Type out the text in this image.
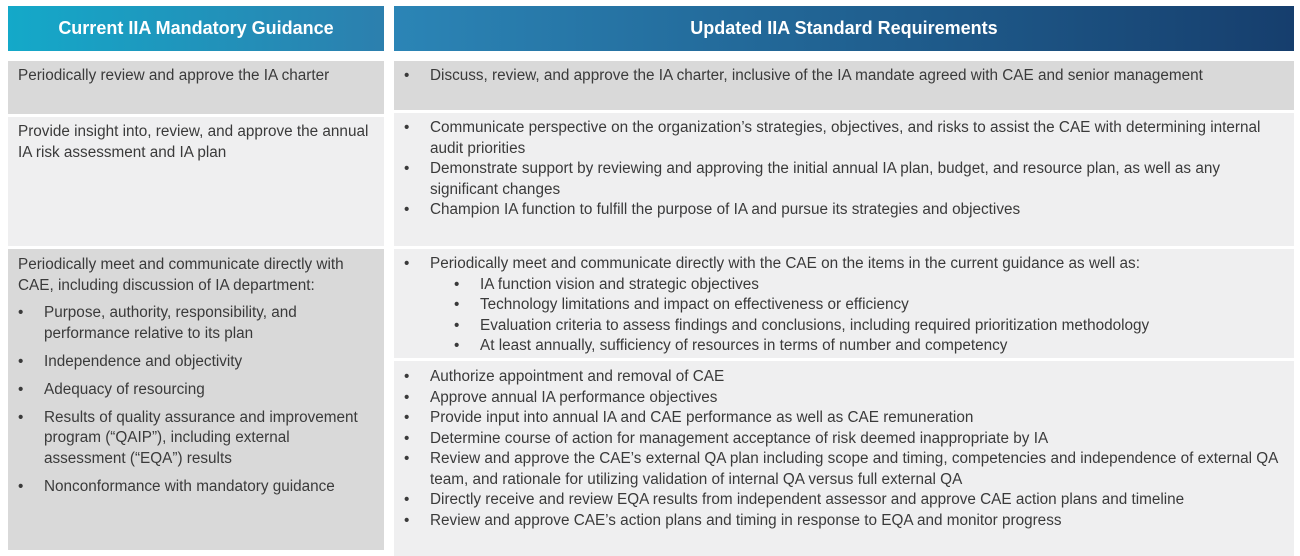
Current IIA Mandatory Guidance	Updated IIA Standard Requirements
Periodically review and approve the IA charter
•	Discuss, review, and approve the IA charter, inclusive of the IA mandate agreed with CAE and senior management
Provide insight into, review, and approve the annual IA risk assessment and IA plan
• Communicate perspective on the organization’s strategies, objectives, and risks to assist the CAE with determining internal audit priorities
• Demonstrate support by reviewing and approving the initial annual IA plan, budget, and resource plan, as well as any significant changes
• Champion IA function to fulfill the purpose of IA and pursue its strategies and objectives
Periodically meet and communicate directly with CAE, including discussion of IA department:
• Purpose, authority, responsibility, and performance relative to its plan
• Independence and objectivity
• Adequacy of resourcing
• Results of quality assurance and improvement program (“QAIP”), including external assessment (“EQA”) results
• Nonconformance with mandatory guidance
• Periodically meet and communicate directly with the CAE on the items in the current guidance as well as:
• IA function vision and strategic objectives
• Technology limitations and impact on effectiveness or efficiency
• Evaluation criteria to assess findings and conclusions, including required prioritization methodology
• At least annually, sufficiency of resources in terms of number and competency
• Authorize appointment and removal of CAE
• Approve annual IA performance objectives
• Provide input into annual IA and CAE performance as well as CAE remuneration
• Determine course of action for management acceptance of risk deemed inappropriate by IA
• Review and approve the CAE’s external QA plan including scope and timing, competencies and independence of external QA team, and rationale for utilizing validation of internal QA versus full external QA
• Directly receive and review EQA results from independent assessor and approve CAE action plans and timeline
• Review and approve CAE’s action plans and timing in response to EQA and monitor progress
